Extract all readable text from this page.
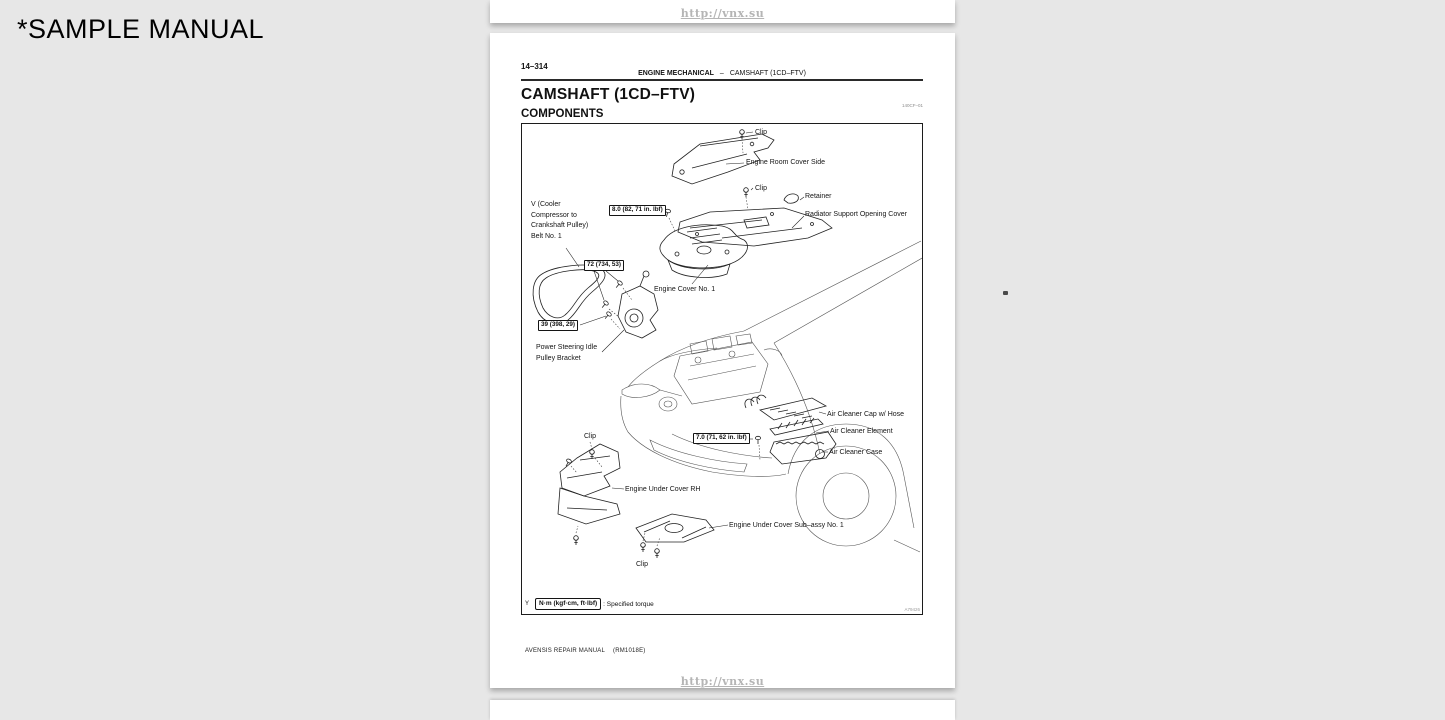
*SAMPLE MANUAL
http://vnx.su
14–314
ENGINE MECHANICAL – CAMSHAFT (1CD–FTV)
CAMSHAFT (1CD–FTV)
COMPONENTS
140CF–01
Clip
Engine Room Cover Side
Clip
Retainer
Radiator Support Opening Cover
V (Cooler Compressor to Crankshaft Pulley) Belt No. 1
Engine Cover No. 1
Power Steering Idle Pulley Bracket
Clip
Air Cleaner Cap w/ Hose
Air Cleaner Element
Air Cleaner Case
Engine Under Cover RH
Engine Under Cover Sub–assy No. 1
Clip
8.0 (82, 71 in. lbf)
72 (734, 53)
39 (398, 29)
7.0 (71, 62 in. lbf)
Y	N·m (kgf·cm, ft·lbf) : Specified torque
A79426
AVENSIS REPAIR MANUAL (RM1018E)
http://vnx.su
